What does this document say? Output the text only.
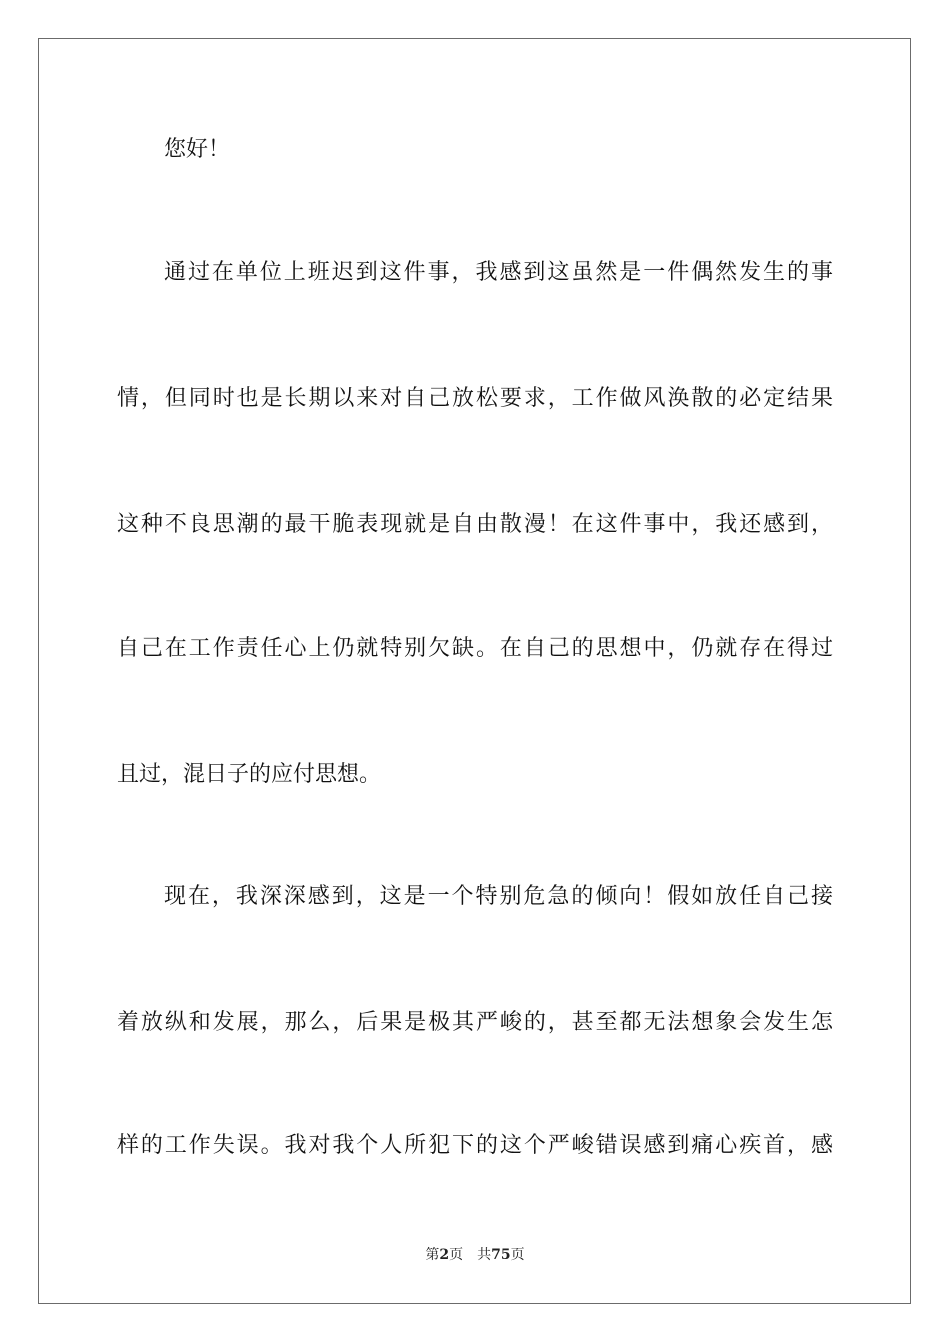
您好！
通过在单位上班迟到这件事，我感到这虽然是一件偶然发生的事
情，但同时也是长期以来对自己放松要求，工作做风涣散的必定结果
这种不良思潮的最干脆表现就是自由散漫！在这件事中，我还感到，
自己在工作责任心上仍就特别欠缺。在自己的思想中，仍就存在得过
且过，混日子的应付思想。
现在，我深深感到，这是一个特别危急的倾向！假如放任自己接
着放纵和发展，那么，后果是极其严峻的，甚至都无法想象会发生怎
样的工作失误。我对我个人所犯下的这个严峻错误感到痛心疾首，感
第2页 共75页
